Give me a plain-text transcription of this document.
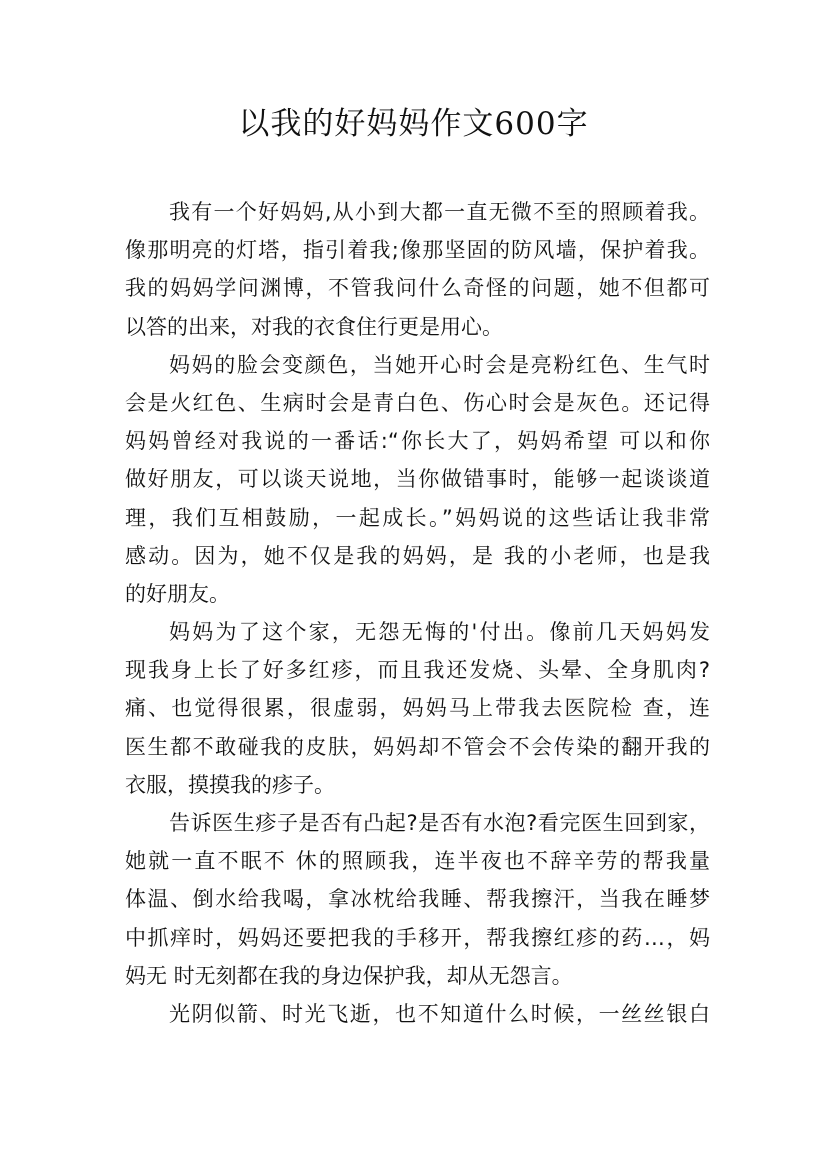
以我的好妈妈作文600字
我有一个好妈妈,从小到大都一直无微不至的照顾着我。
像那明亮的灯塔，指引着我;像那坚固的防风墙，保护着我。
我的妈妈学问渊博，不管我问什么奇怪的问题，她不但都可
以答的出来，对我的衣食住行更是用心。
妈妈的脸会变颜色，当她开心时会是亮粉红色、生气时
会是火红色、生病时会是青白色、伤心时会是灰色。还记得
妈妈曾经对我说的一番话:“你长大了，妈妈希望 可以和你
做好朋友，可以谈天说地，当你做错事时，能够一起谈谈道
理，我们互相鼓励，一起成长。”妈妈说的这些话让我非常
感动。因为，她不仅是我的妈妈，是 我的小老师，也是我
的好朋友。
妈妈为了这个家，无怨无悔的'付出。像前几天妈妈发
现我身上长了好多红疹，而且我还发烧、头晕、全身肌肉?
痛、也觉得很累，很虚弱，妈妈马上带我去医院检 查，连
医生都不敢碰我的皮肤，妈妈却不管会不会传染的翻开我的
衣服，摸摸我的疹子。
告诉医生疹子是否有凸起?是否有水泡?看完医生回到家，
她就一直不眠不 休的照顾我，连半夜也不辞辛劳的帮我量
体温、倒水给我喝，拿冰枕给我睡、帮我擦汗，当我在睡梦
中抓痒时，妈妈还要把我的手移开，帮我擦红疹的药…，妈
妈无 时无刻都在我的身边保护我，却从无怨言。
光阴似箭、时光飞逝，也不知道什么时候，一丝丝银白
